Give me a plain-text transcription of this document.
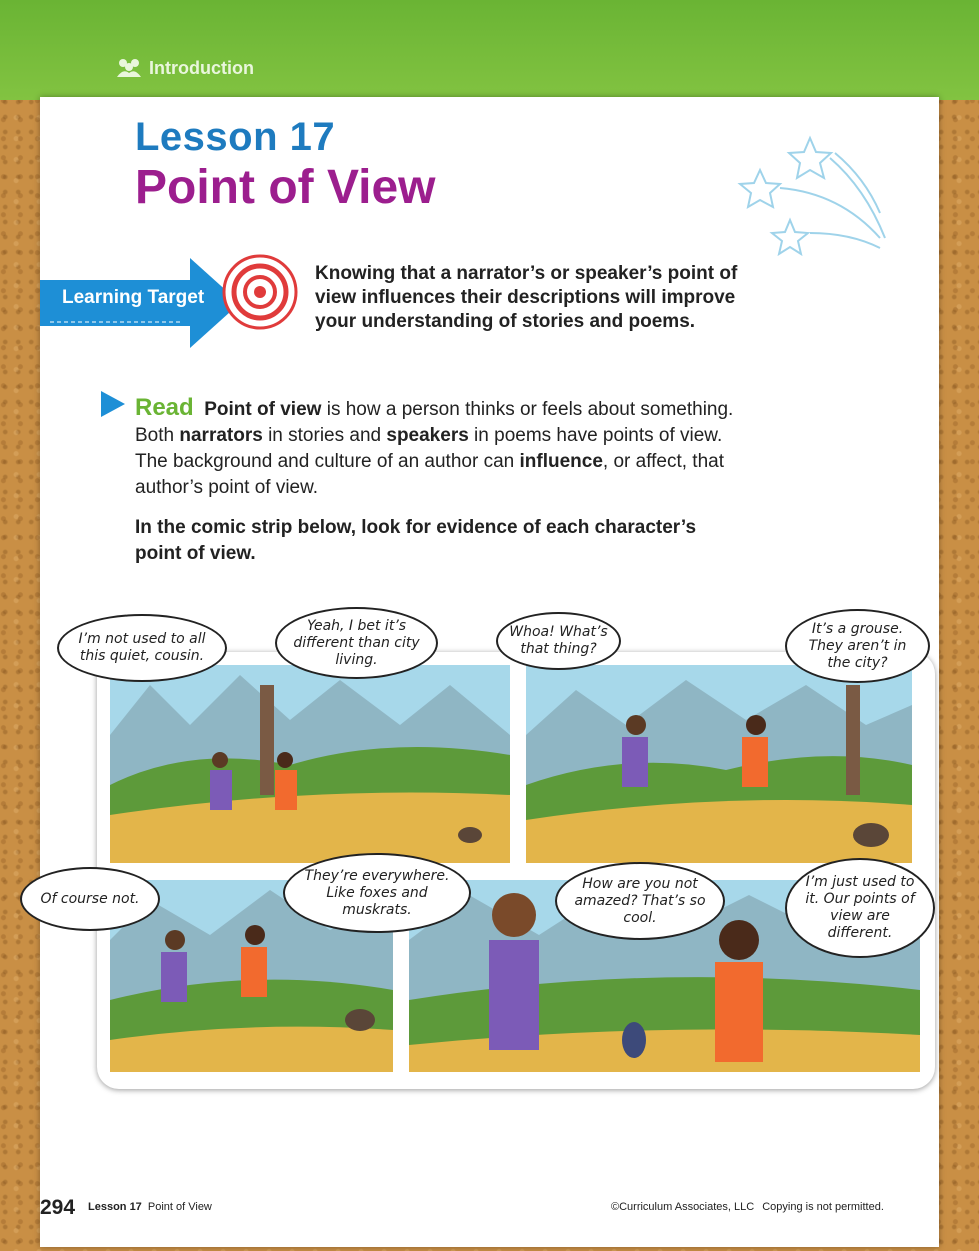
Introduction
Lesson 17
Point of View
Learning Target
Knowing that a narrator’s or speaker’s point of view influences their descriptions will improve your understanding of stories and poems.

Read Point of view is how a person thinks or feels about something. Both narrators in stories and speakers in poems have points of view. The background and culture of an author can influence, or affect, that author’s point of view.

In the comic strip below, look for evidence of each character’s point of view.

I’m not used to all this quiet, cousin.
Yeah, I bet it’s different than city living.
Whoa! What’s that thing?
It’s a grouse. They aren’t in the city?
Of course not.
They’re everywhere. Like foxes and muskrats.
How are you not amazed? That’s so cool.
I’m just used to it. Our points of view are different.
294 Lesson 17 Point of View	©Curriculum Associates, LLC Copying is not permitted.
